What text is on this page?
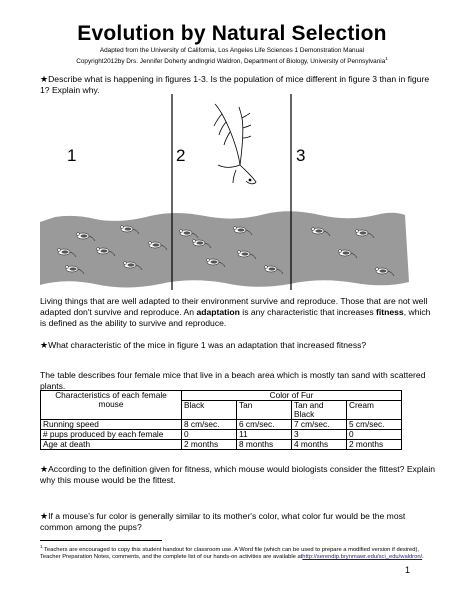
Evolution by Natural Selection
Adapted from the University of California, Los Angeles Life Sciences 1 Demonstration Manual
Copyright2012by Drs. Jennifer Doherty andIngrid Waldron, Department of Biology, University of Pennsylvania$^1$
★Describe what is happening in figures 1-3. Is the population of mice different in figure 3 than in figure 1? Explain why.
1	2	3
Living things that are well adapted to their environment survive and reproduce. Those that are not well adapted don't survive and reproduce. An adaptation is any characteristic that increases fitness, which is defined as the ability to survive and reproduce.
★What characteristic of the mice in figure 1 was an adaptation that increased fitness?
The table describes four female mice that live in a beach area which is mostly tan sand with scattered plants.
Characteristics of each female mouse	Color of Fur			
	Black	Tan	Tan and Black	Cream
Running speed	8 cm/sec.	6 cm/sec.	7 cm/sec.	5 cm/sec.
# pups produced by each female	0	11	3	0
Age at death	2 months	8 months	4 months	2 months
★According to the definition given for fitness, which mouse would biologists consider the fittest? Explain why this mouse would be the fittest.
★If a mouse's fur color is generally similar to its mother's color, what color fur would be the most common among the pups?
$^1$ Teachers are encouraged to copy this student handout for classroom use. A Word file (which can be used to prepare a modified version if desired), Teacher Preparation Notes, comments, and the complete list of our hands-on activities are available athttp://serendip.brynmawr.edu/sci_edu/waldron/.
1
